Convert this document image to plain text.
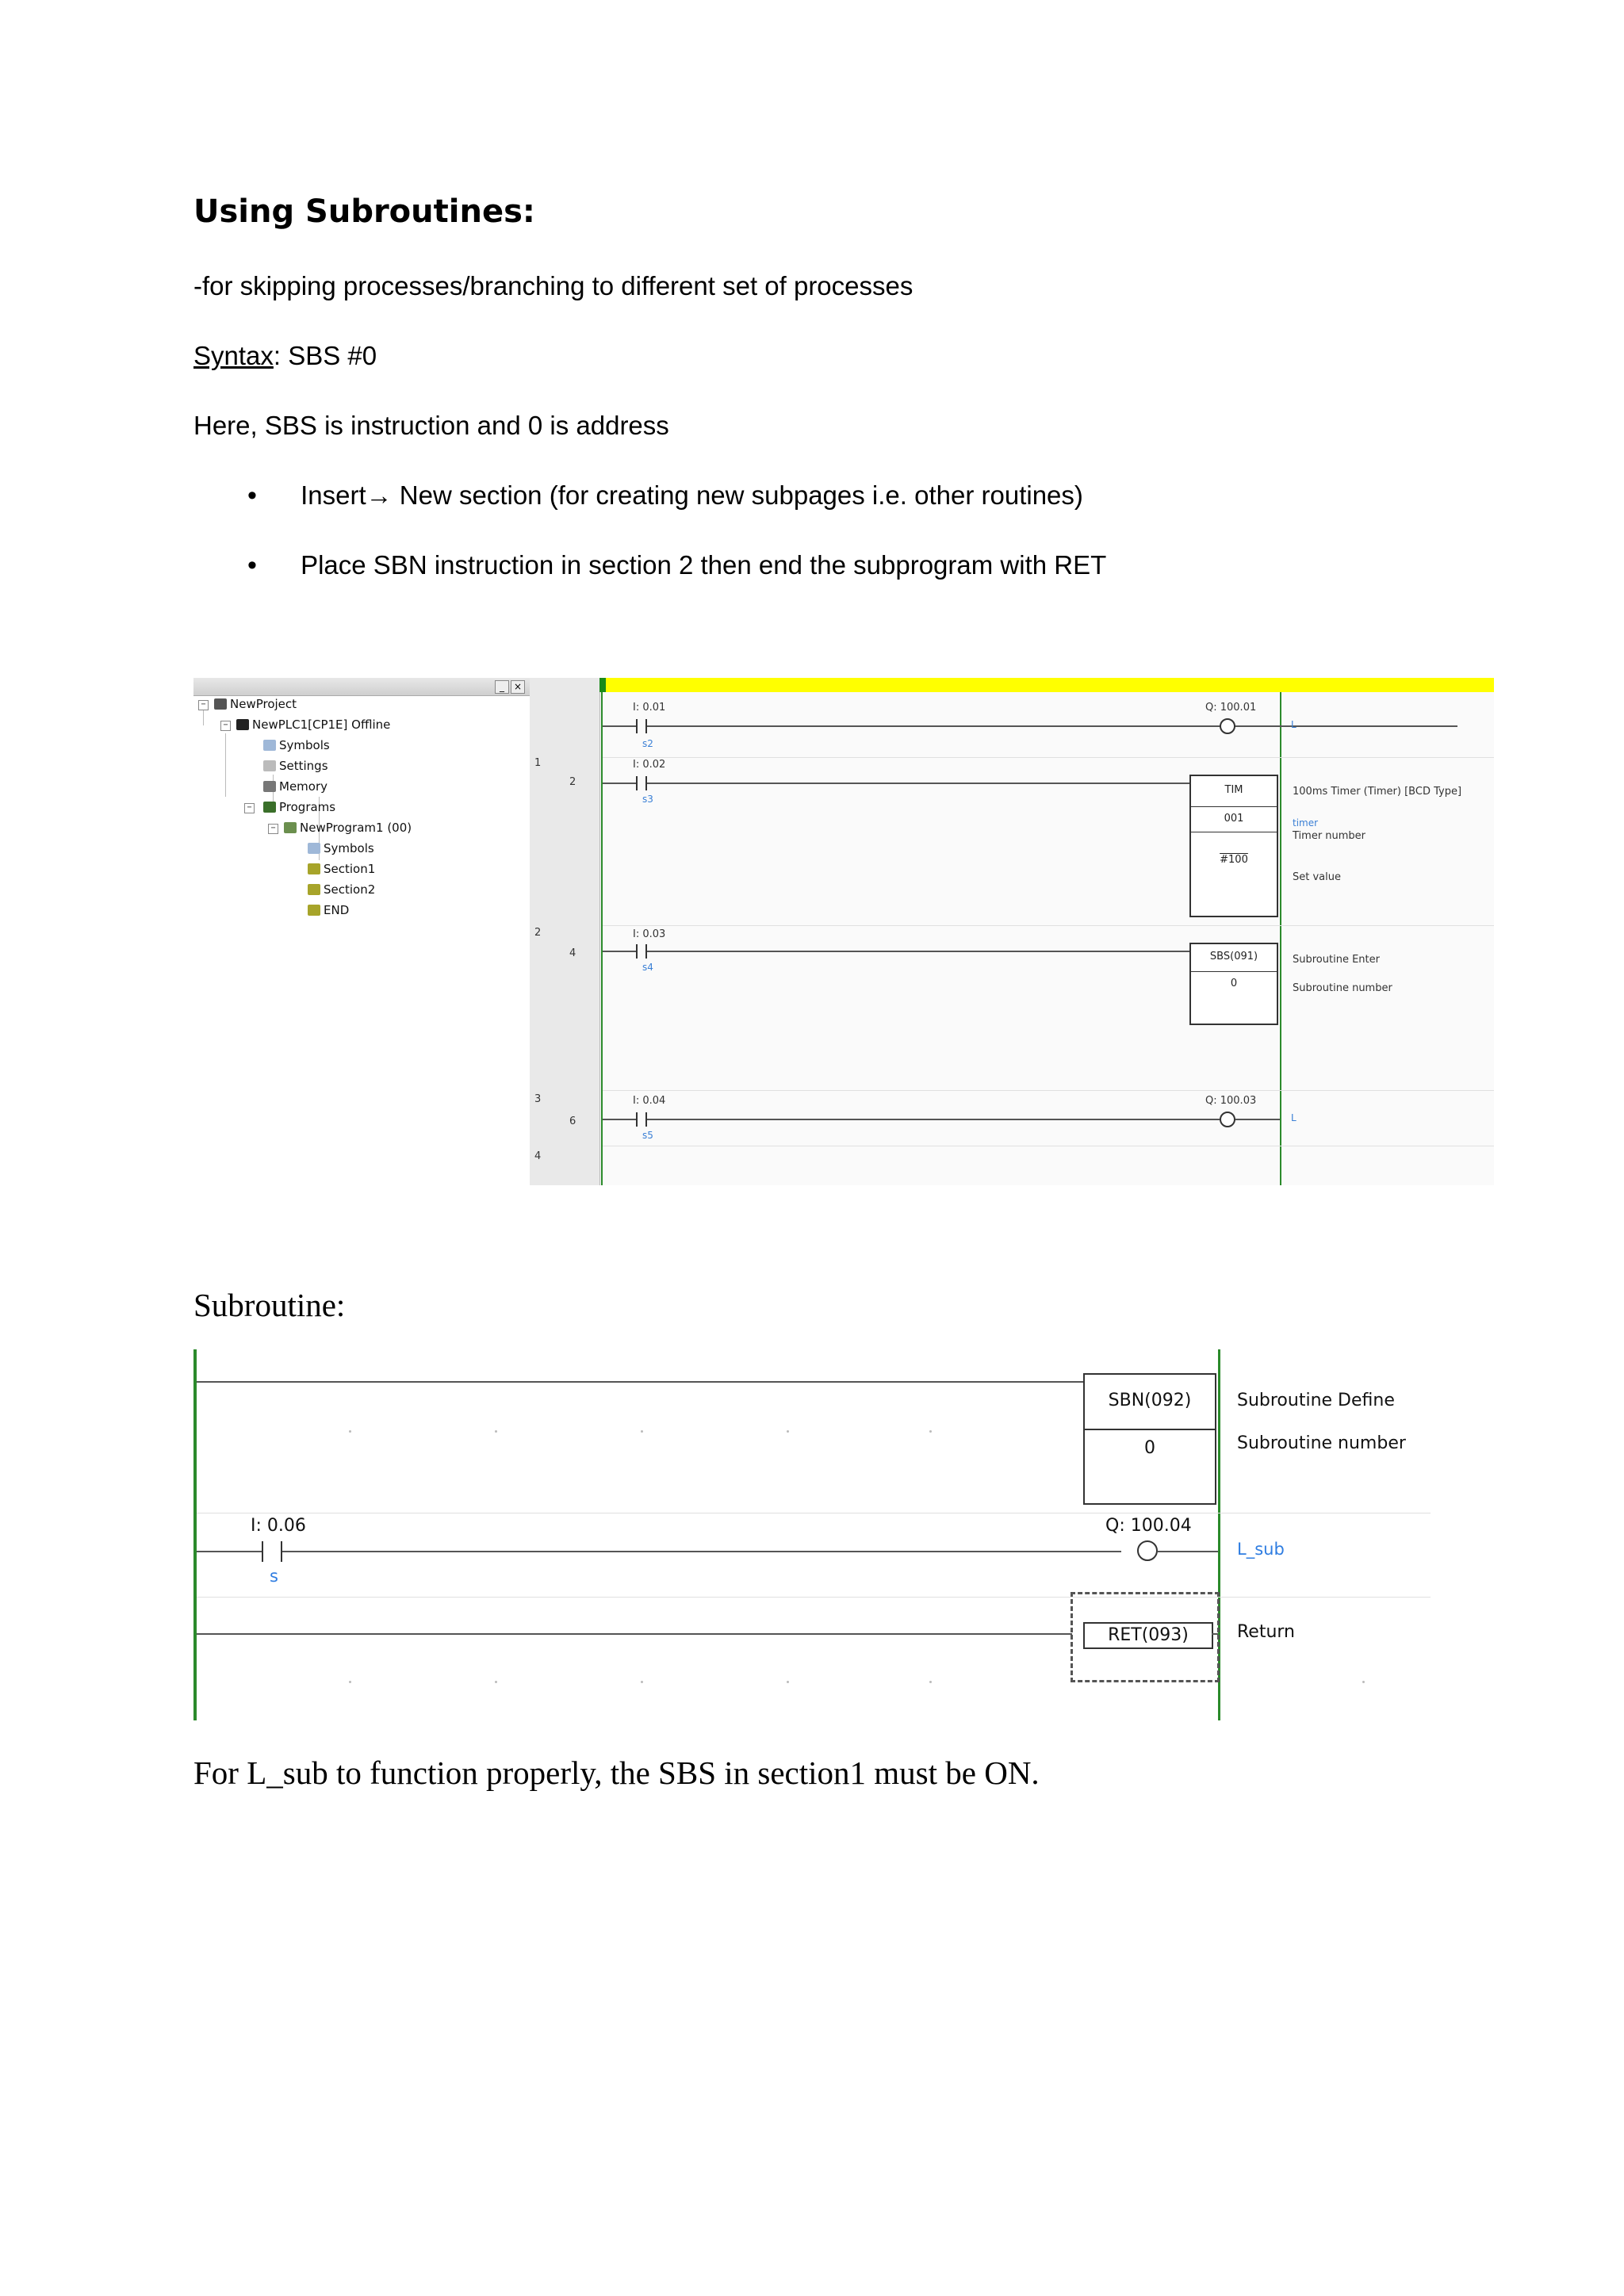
Using Subroutines:

-for skipping processes/branching to different set of processes

Syntax: SBS #0

Here, SBS is instruction and 0 is address

• Insert→ New section (for creating new subpages i.e. other routines)
• Place SBN instruction in section 2 then end the subprogram with RET
_ ×
−	NewProject
−	NewPLC1[CP1E] Offline
Symbols
Settings
Memory
−	Programs
−	NewProgram1 (00)
Symbols
Section1
Section2
END
1
2
2
4
3
6
4
I: 0.01
s2
Q: 100.01
L
I: 0.02
s3
TIM
001
#100
100ms Timer (Timer) [BCD Type]
timer
Timer number
Set value
I: 0.03
s4
SBS(091)
0
Subroutine Enter
Subroutine number
I: 0.04
s5
Q: 100.03
L
Subroutine:
SBN(092)
0
Subroutine Define
Subroutine number
I: 0.06
s
Q: 100.04
L_sub
RET(093)	Return
For L_sub to function properly, the SBS in section1 must be ON.
